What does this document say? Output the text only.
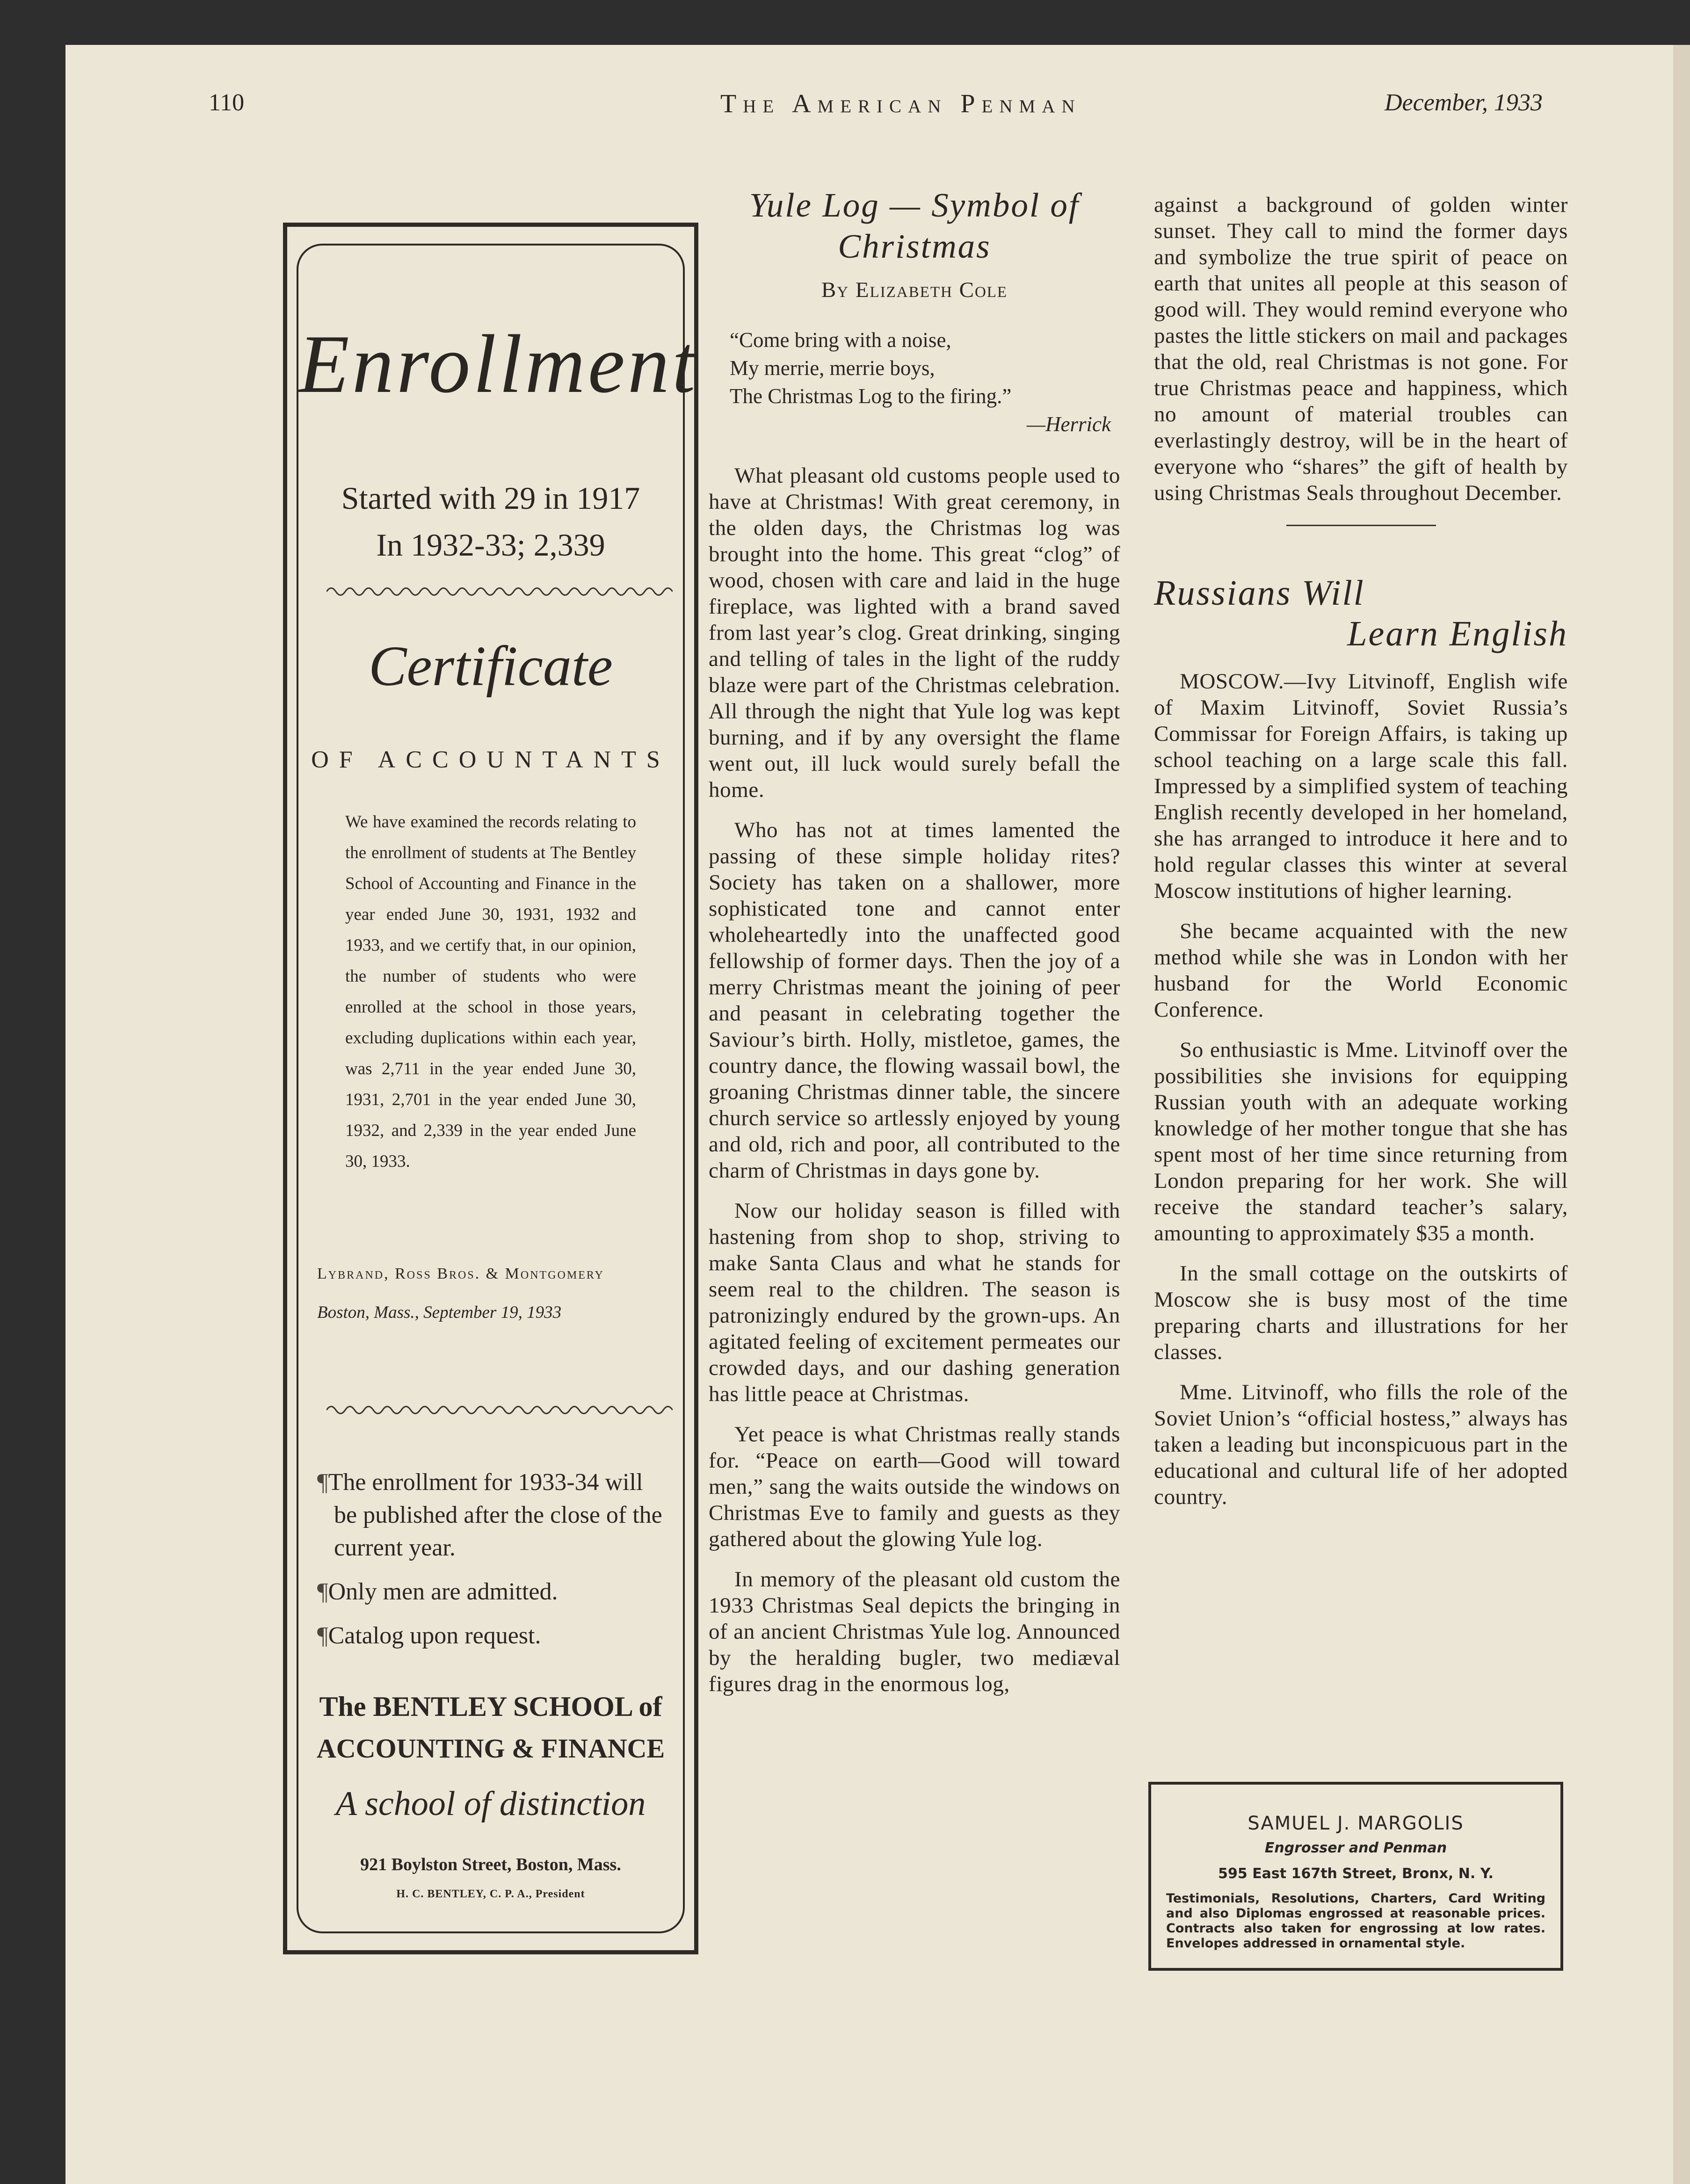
110	The American Penman	December, 1933
Enrollment
Started with 29 in 1917
In 1932-33; 2,339
Certificate
OF ACCOUNTANTS
We have examined the records relating to the enrollment of students at The Bentley School of Accounting and Finance in the year ended June 30, 1931, 1932 and 1933, and we certify that, in our opinion, the number of students who were enrolled at the school in those years, excluding duplications within each year, was 2,711 in the year ended June 30, 1931, 2,701 in the year ended June 30, 1932, and 2,339 in the year ended June 30, 1933.
Lybrand, Ross Bros. & Montgomery
Boston, Mass., September 19, 1933

¶The enrollment for 1933-34 will be published after the close of the current year.

¶Only men are admitted.

¶Catalog upon request.

The BENTLEY SCHOOL of
ACCOUNTING & FINANCE
A school of distinction
921 Boylston Street, Boston, Mass.
H. C. BENTLEY, C. P. A., President
Yule Log — Symbol of
Christmas
By Elizabeth Cole
“Come bring with a noise,
My merrie, merrie boys,
The Christmas Log to the firing.”
—Herrick

What pleasant old customs people used to have at Christmas! With great ceremony, in the olden days, the Christmas log was brought into the home. This great “clog” of wood, chosen with care and laid in the huge fireplace, was lighted with a brand saved from last year’s clog. Great drinking, singing and telling of tales in the light of the ruddy blaze were part of the Christmas celebration. All through the night that Yule log was kept burning, and if by any oversight the flame went out, ill luck would surely befall the home.

Who has not at times lamented the passing of these simple holiday rites? Society has taken on a shallower, more sophisticated tone and cannot enter wholeheartedly into the unaffected good fellowship of former days. Then the joy of a merry Christmas meant the joining of peer and peasant in celebrating together the Saviour’s birth. Holly, mistletoe, games, the country dance, the flowing wassail bowl, the groaning Christmas dinner table, the sincere church service so artlessly enjoyed by young and old, rich and poor, all contributed to the charm of Christmas in days gone by.

Now our holiday season is filled with hastening from shop to shop, striving to make Santa Claus and what he stands for seem real to the children. The season is patronizingly endured by the grown-ups. An agitated feeling of excitement permeates our crowded days, and our dashing generation has little peace at Christmas.

Yet peace is what Christmas really stands for. “Peace on earth—Good will toward men,” sang the waits outside the windows on Christmas Eve to family and guests as they gathered about the glowing Yule log.

In memory of the pleasant old custom the 1933 Christmas Seal depicts the bringing in of an ancient Christmas Yule log. Announced by the heralding bugler, two mediæval figures drag in the enormous log,

against a background of golden winter sunset. They call to mind the former days and symbolize the true spirit of peace on earth that unites all people at this season of good will. They would remind everyone who pastes the little stickers on mail and packages that the old, real Christmas is not gone. For true Christmas peace and happiness, which no amount of material troubles can everlastingly destroy, will be in the heart of everyone who “shares” the gift of health by using Christmas Seals throughout December.

Russians Will
Learn English

MOSCOW.—Ivy Litvinoff, English wife of Maxim Litvinoff, Soviet Russia’s Commissar for Foreign Affairs, is taking up school teaching on a large scale this fall. Impressed by a simplified system of teaching English recently developed in her homeland, she has arranged to introduce it here and to hold regular classes this winter at several Moscow institutions of higher learning.

She became acquainted with the new method while she was in London with her husband for the World Economic Conference.

So enthusiastic is Mme. Litvinoff over the possibilities she invisions for equipping Russian youth with an adequate working knowledge of her mother tongue that she has spent most of her time since returning from London preparing for her work. She will receive the standard teacher’s salary, amounting to approximately $35 a month.

In the small cottage on the outskirts of Moscow she is busy most of the time preparing charts and illustrations for her classes.

Mme. Litvinoff, who fills the role of the Soviet Union’s “official hostess,” always has taken a leading but inconspicuous part in the educational and cultural life of her adopted country.

SAMUEL J. MARGOLIS
Engrosser and Penman
595 East 167th Street, Bronx, N. Y.
Testimonials, Resolutions, Charters, Card Writing and also Diplomas engrossed at reasonable prices. Contracts also taken for engrossing at low rates. Envelopes addressed in ornamental style.
